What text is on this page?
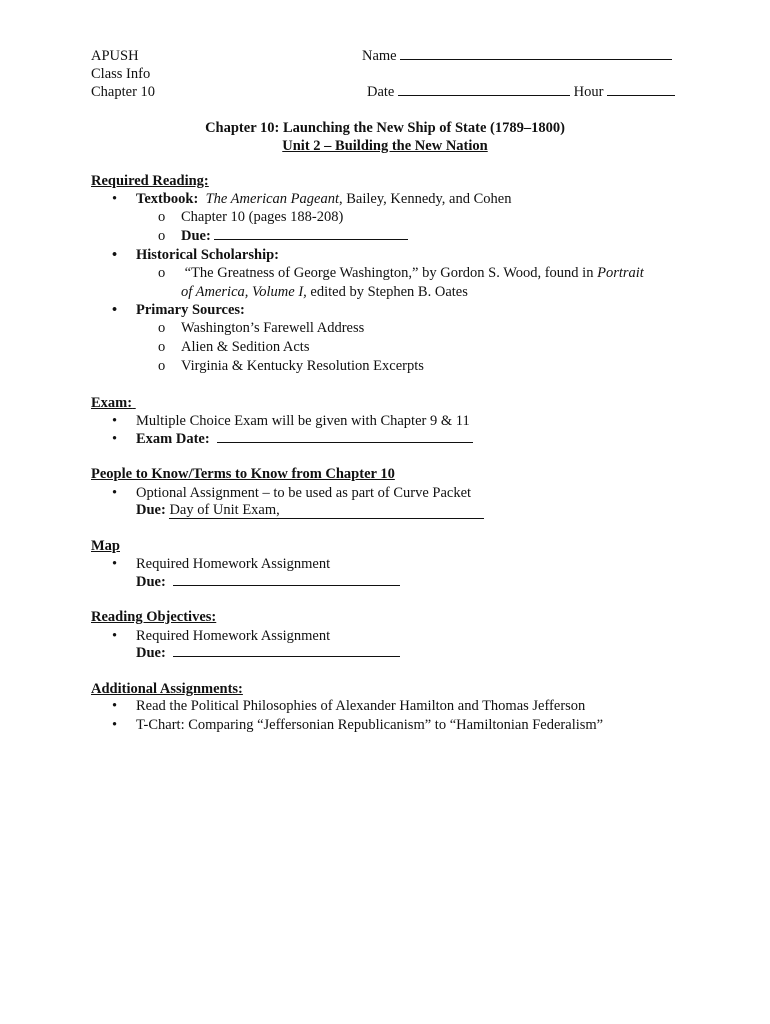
APUSH
Class Info
Chapter 10
Name
Date	Hour
Chapter 10: Launching the New Ship of State (1789–1800)
Unit 2 – Building the New Nation
Required Reading:
• Textbook: The American Pageant, Bailey, Kennedy, and Cohen
o Chapter 10 (pages 188-208)
o Due:
• Historical Scholarship:
o “The Greatness of George Washington,” by Gordon S. Wood, found in Portrait
of America, Volume I, edited by Stephen B. Oates
• Primary Sources:
o Washington’s Farewell Address
o Alien & Sedition Acts
o Virginia & Kentucky Resolution Excerpts
Exam:
• Multiple Choice Exam will be given with Chapter 9 & 11
• Exam Date:
People to Know/Terms to Know from Chapter 10
• Optional Assignment – to be used as part of Curve Packet
Due: Day of Unit Exam,
Map
• Required Homework Assignment
Due:
Reading Objectives:
• Required Homework Assignment
Due:
Additional Assignments:
• Read the Political Philosophies of Alexander Hamilton and Thomas Jefferson
• T-Chart: Comparing “Jeffersonian Republicanism” to “Hamiltonian Federalism”
